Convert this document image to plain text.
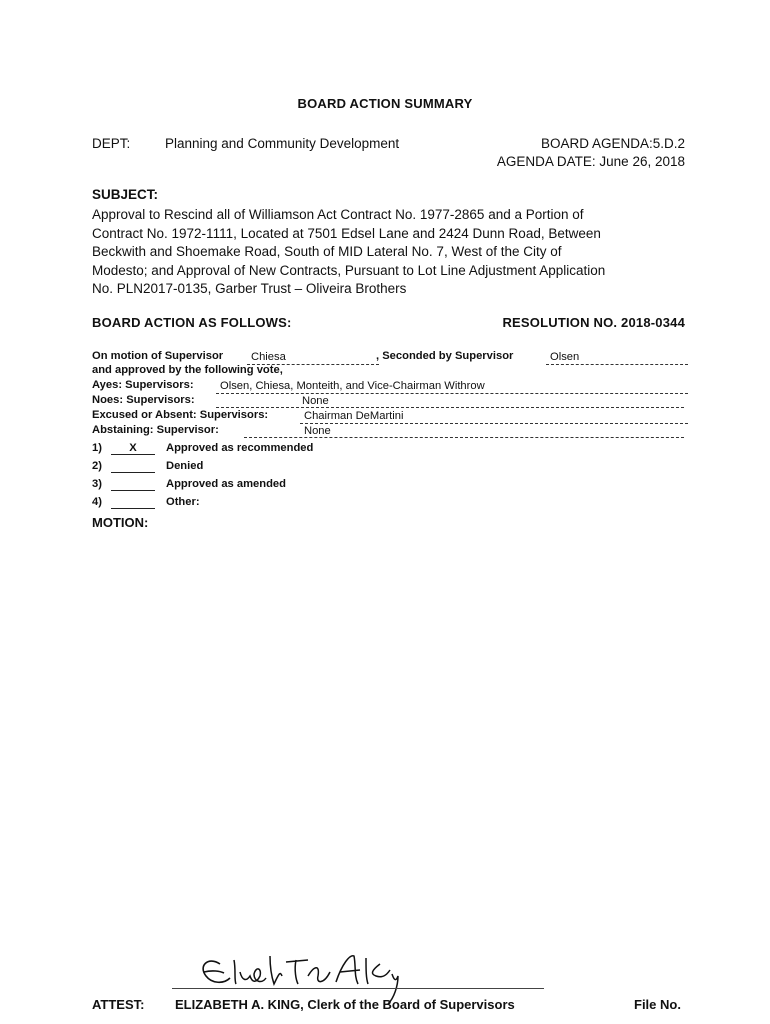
BOARD ACTION SUMMARY
DEPT:	Planning and Community Development	BOARD AGENDA:5.D.2
AGENDA DATE: June 26, 2018
SUBJECT:
Approval to Rescind all of Williamson Act Contract No. 1977-2865 and a Portion of
Contract No. 1972-1111, Located at 7501 Edsel Lane and 2424 Dunn Road, Between
Beckwith and Shoemake Road, South of MID Lateral No. 7, West of the City of
Modesto; and Approval of New Contracts, Pursuant to Lot Line Adjustment Application
No. PLN2017-0135, Garber Trust – Oliveira Brothers
BOARD ACTION AS FOLLOWS:	RESOLUTION NO. 2018-0344
On motion of Supervisor	Chiesa	, Seconded by Supervisor	Olsen
and approved by the following vote,
Ayes: Supervisors:	Olsen, Chiesa, Monteith, and Vice-Chairman Withrow
Noes: Supervisors:	None
Excused or Absent: Supervisors:	Chairman DeMartini
Abstaining: Supervisor:	None
1)	X	Approved as recommended
2)	Denied
3)	Approved as amended
4)	Other:
MOTION:
ATTEST: ELIZABETH A. KING, Clerk of the Board of Supervisors	File No.
